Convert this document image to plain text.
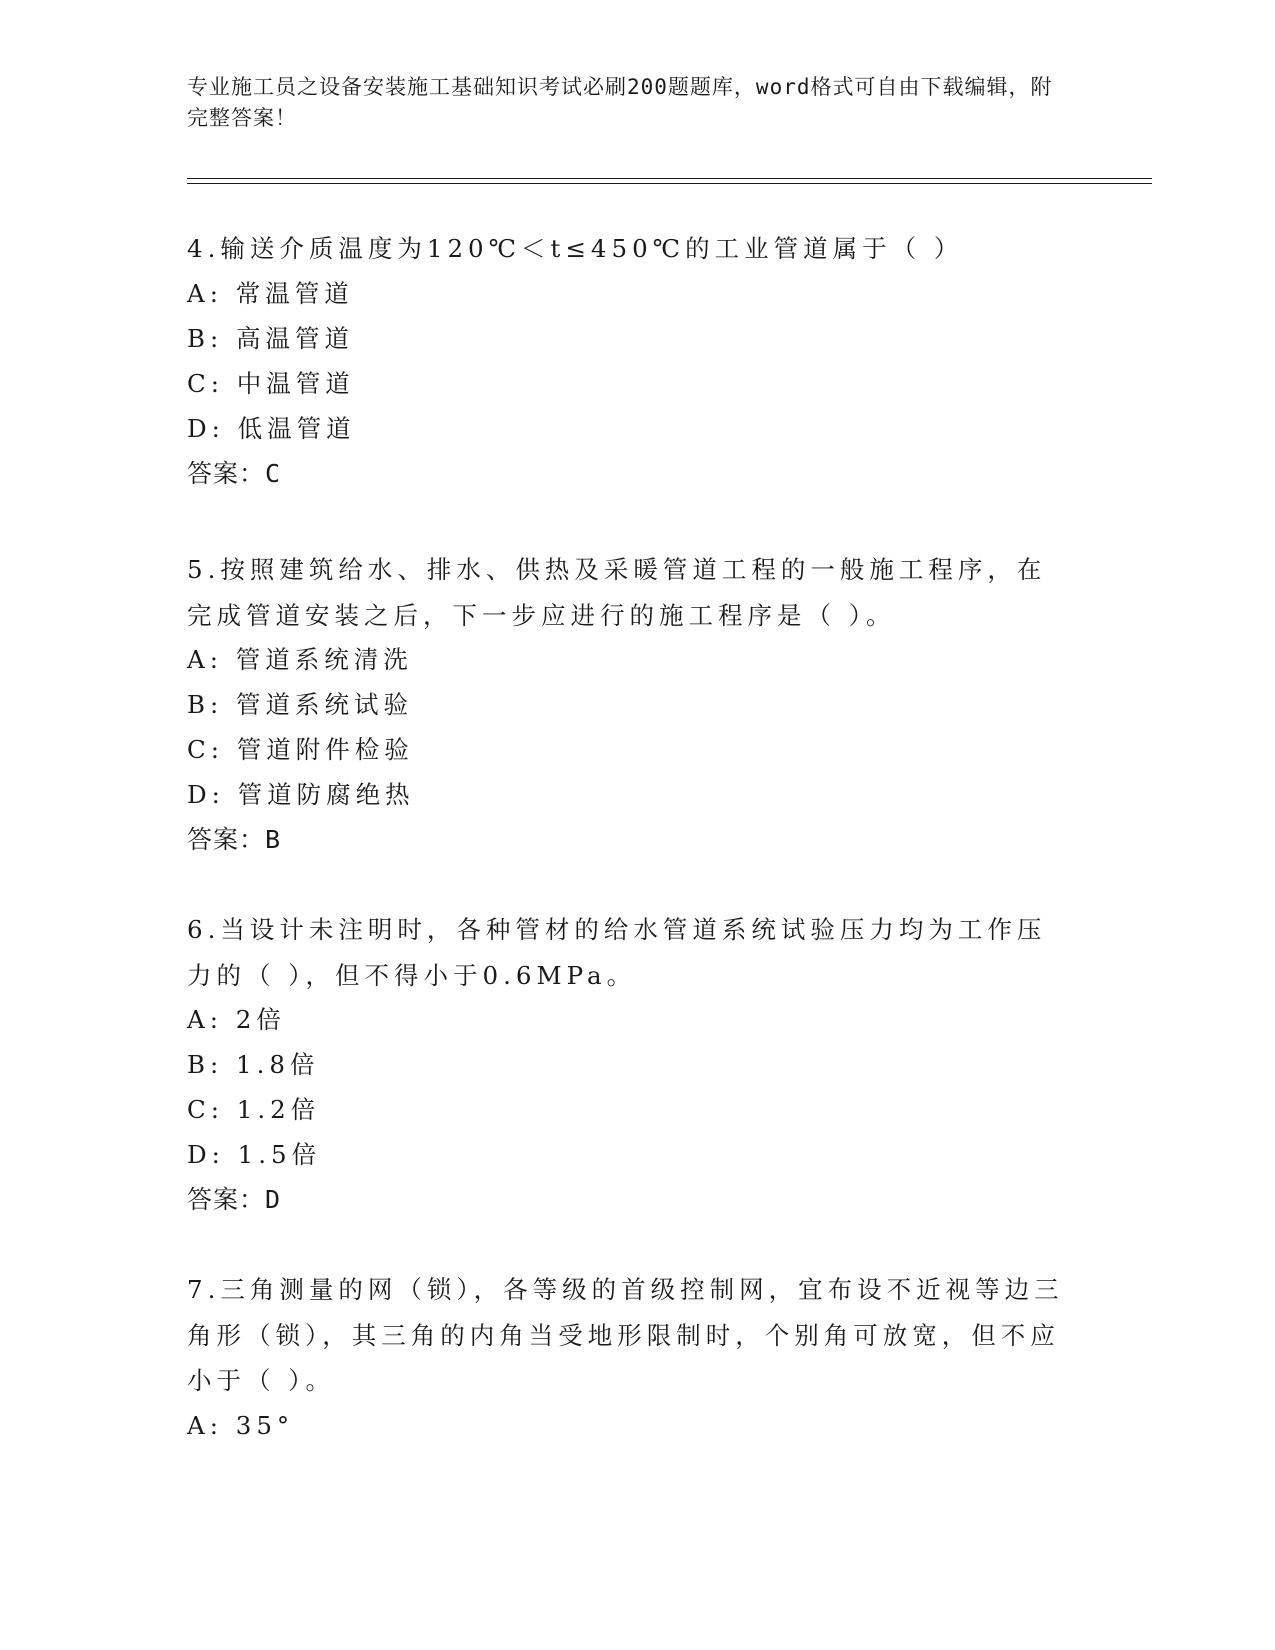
专业施工员之设备安装施工基础知识考试必刷200题题库，word格式可自由下载编辑，附完整答案！
4.输送介质温度为120℃＜t≤450℃的工业管道属于（ ）
A: 常温管道
B: 高温管道
C: 中温管道
D: 低温管道
答案：C
5.按照建筑给水、排水、供热及采暖管道工程的一般施工程序，在完成管道安装之后，下一步应进行的施工程序是（ ）。
A: 管道系统清洗
B: 管道系统试验
C: 管道附件检验
D: 管道防腐绝热
答案：B
6.当设计未注明时，各种管材的给水管道系统试验压力均为工作压力的（ ），但不得小于0.6MPa。
A: 2倍
B: 1.8倍
C: 1.2倍
D: 1.5倍
答案：D
7.三角测量的网（锁），各等级的首级控制网，宜布设不近视等边三角形（锁），其三角的内角当受地形限制时，个别角可放宽，但不应小于（ ）。
A: 35°
